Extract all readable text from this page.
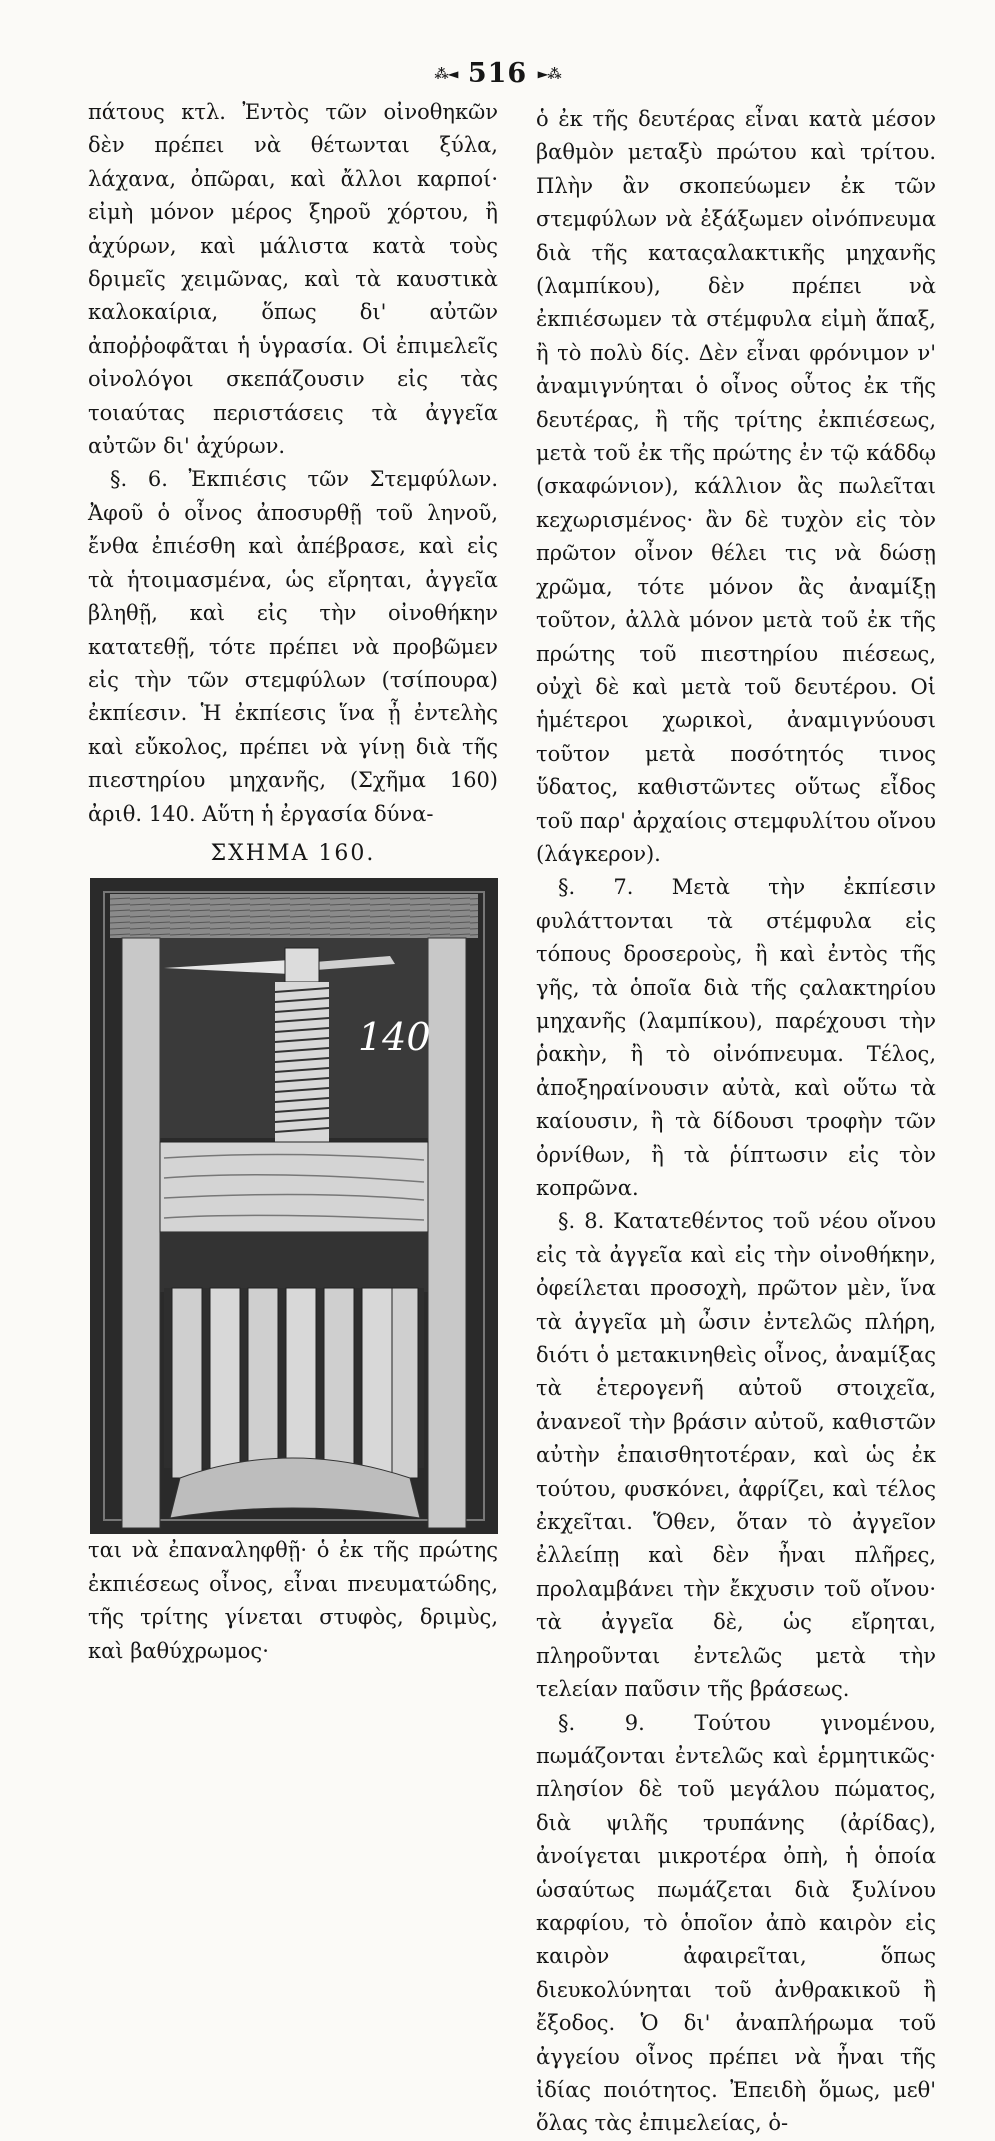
⁂◄ 516 ►⁂

πάτους κτλ. Ἐντὸς τῶν οἰνοθηκῶν δὲν πρέπει νὰ θέτωνται ξύλα, λάχανα, ὀπῶραι, καὶ ἄλλοι καρποί· εἰμὴ μόνον μέρος ξηροῦ χόρτου, ἢ ἀχύρων, καὶ μάλιστα κατὰ τοὺς δριμεῖς χειμῶνας, καὶ τὰ καυστικὰ καλοκαίρια, ὅπως δι' αὐτῶν ἀποῤῥοφᾶται ἡ ὑγρασία. Οἱ ἐπιμελεῖς οἰνολόγοι σκεπάζουσιν εἰς τὰς τοιαύτας περιστάσεις τὰ ἀγγεῖα αὐτῶν δι' ἀχύρων.

§. 6. Ἐκπιέσις τῶν Στεμφύλων. Ἀφοῦ ὁ οἶνος ἀποσυρθῇ τοῦ ληνοῦ, ἔνθα ἐπιέσθη καὶ ἀπέβρασε, καὶ εἰς τὰ ἡτοιμασμένα, ὡς εἴρηται, ἀγγεῖα βληθῇ, καὶ εἰς τὴν οἰνοθήκην κατατεθῇ, τότε πρέπει νὰ προβῶμεν εἰς τὴν τῶν στεμφύλων (τσίπουρα) ἐκπίεσιν. Ἡ ἐκπίεσις ἵνα ᾖ ἐντελὴς καὶ εὔκολος, πρέπει νὰ γίνῃ διὰ τῆς πιεστηρίου μηχανῆς, (Σχῆμα 160) ἀριθ. 140. Αὕτη ἡ ἐργασία δύνα-

ΣΧΗΜΑ 160.
140

ται νὰ ἐπαναληφθῇ· ὁ ἐκ τῆς πρώτης ἐκπιέσεως οἶνος, εἶναι πνευματώδης, τῆς τρίτης γίνεται στυφὸς, δριμὺς, καὶ βαθύχρωμος·

ὁ ἐκ τῆς δευτέρας εἶναι κατὰ μέσον βαθμὸν μεταξὺ πρώτου καὶ τρίτου. Πλὴν ἂν σκοπεύωμεν ἐκ τῶν στεμφύλων νὰ ἐξάξωμεν οἰνόπνευμα διὰ τῆς καταςαλακτικῆς μηχανῆς (λαμπίκου), δὲν πρέπει νὰ ἐκπιέσωμεν τὰ στέμφυλα εἰμὴ ἅπαξ, ἢ τὸ πολὺ δίς. Δὲν εἶναι φρόνιμον ν' ἀναμιγνύηται ὁ οἶνος οὗτος ἐκ τῆς δευτέρας, ἢ τῆς τρίτης ἐκπιέσεως, μετὰ τοῦ ἐκ τῆς πρώτης ἐν τῷ κάδδῳ (σκαφώνιον), κάλλιον ἂς πωλεῖται κεχωρισμένος· ἂν δὲ τυχὸν εἰς τὸν πρῶτον οἶνον θέλει τις νὰ δώσῃ χρῶμα, τότε μόνον ἂς ἀναμίξῃ τοῦτον, ἀλλὰ μόνον μετὰ τοῦ ἐκ τῆς πρώτης τοῦ πιεστηρίου πιέσεως, οὐχὶ δὲ καὶ μετὰ τοῦ δευτέρου. Οἱ ἡμέτεροι χωρικοὶ, ἀναμιγνύουσι τοῦτον μετὰ ποσότητός τινος ὕδατος, καθιστῶντες οὕτως εἶδος τοῦ παρ' ἀρχαίοις στεμφυλίτου οἴνου (λάγκερον).

§. 7. Μετὰ τὴν ἐκπίεσιν φυλάττονται τὰ στέμφυλα εἰς τόπους δροσεροὺς, ἢ καὶ ἐντὸς τῆς γῆς, τὰ ὁποῖα διὰ τῆς ςαλακτηρίου μηχανῆς (λαμπίκου), παρέχουσι τὴν ῥακὴν, ἢ τὸ οἰνόπνευμα. Τέλος, ἀποξηραίνουσιν αὐτὰ, καὶ οὕτω τὰ καίουσιν, ἢ τὰ δίδουσι τροφὴν τῶν ὀρνίθων, ἢ τὰ ῥίπτωσιν εἰς τὸν κοπρῶνα.

§. 8. Κατατεθέντος τοῦ νέου οἴνου εἰς τὰ ἀγγεῖα καὶ εἰς τὴν οἰνοθήκην, ὀφείλεται προσοχὴ, πρῶτον μὲν, ἵνα τὰ ἀγγεῖα μὴ ὦσιν ἐντελῶς πλήρη, διότι ὁ μετακινηθεὶς οἶνος, ἀναμίξας τὰ ἑτερογενῆ αὐτοῦ στοιχεῖα, ἀνανεοῖ τὴν βράσιν αὐτοῦ, καθιστῶν αὐτὴν ἐπαισθητοτέραν, καὶ ὡς ἐκ τούτου, φυσκόνει, ἀφρίζει, καὶ τέλος ἐκχεῖται. Ὅθεν, ὅταν τὸ ἀγγεῖον ἐλλείπῃ καὶ δὲν ἦναι πλῆρες, προλαμβάνει τὴν ἔκχυσιν τοῦ οἴνου· τὰ ἀγγεῖα δὲ, ὡς εἴρηται, πληροῦνται ἐντελῶς μετὰ τὴν τελείαν παῦσιν τῆς βράσεως.

§. 9. Τούτου γινομένου, πωμάζονται ἐντελῶς καὶ ἑρμητικῶς· πλησίον δὲ τοῦ μεγάλου πώματος, διὰ ψιλῆς τρυπάνης (ἀρίδας), ἀνοίγεται μικροτέρα ὀπὴ, ἡ ὁποία ὡσαύτως πωμάζεται διὰ ξυλίνου καρφίου, τὸ ὁποῖον ἀπὸ καιρὸν εἰς καιρὸν ἀφαιρεῖται, ὅπως διευκολύνηται τοῦ ἀνθρακικοῦ ἢ ἔξοδος. Ὁ δι' ἀναπλήρωμα τοῦ ἀγγείου οἶνος πρέπει νὰ ἦναι τῆς ἰδίας ποιότητος. Ἐπειδὴ ὅμως, μεθ' ὅλας τὰς ἐπιμελείας, ὁ-
